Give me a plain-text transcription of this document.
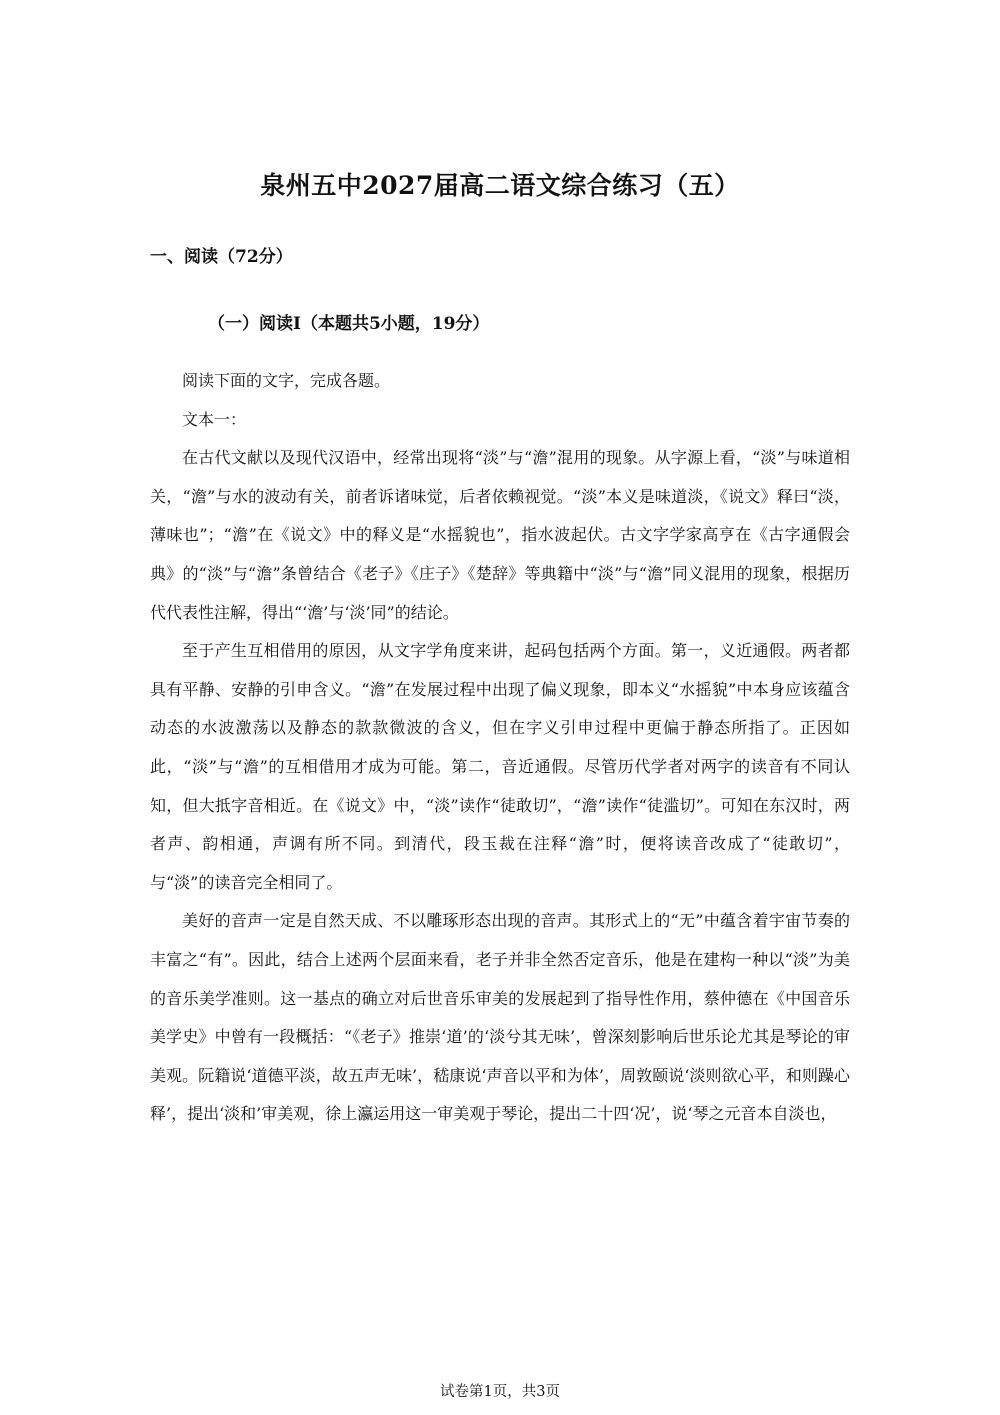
泉州五中2027届高二语文综合练习（五）
一、阅读（72分）
（一）阅读I（本题共5小题，19分）

阅读下面的文字，完成各题。

文本一：

在古代文献以及现代汉语中，经常出现将“淡”与“澹”混用的现象。从字源上看，“淡”与味道相关，“澹”与水的波动有关，前者诉诸味觉，后者依赖视觉。“淡”本义是味道淡，《说文》释曰“淡，薄味也”；“澹”在《说文》中的释义是“水摇貌也”，指水波起伏。古文字学家高亨在《古字通假会典》的“淡”与“澹”条曾结合《老子》《庄子》《楚辞》等典籍中“淡”与“澹”同义混用的现象，根据历代代表性注解，得出“‘澹’与‘淡’同”的结论。

至于产生互相借用的原因，从文字学角度来讲，起码包括两个方面。第一，义近通假。两者都具有平静、安静的引申含义。“澹”在发展过程中出现了偏义现象，即本义“水摇貌”中本身应该蕴含动态的水波激荡以及静态的款款微波的含义，但在字义引申过程中更偏于静态所指了。正因如此，“淡”与“澹”的互相借用才成为可能。第二，音近通假。尽管历代学者对两字的读音有不同认知，但大抵字音相近。在《说文》中，“淡”读作“徒敢切”，“澹”读作“徒滥切”。可知在东汉时，两者声、韵相通，声调有所不同。到清代，段玉裁在注释“澹”时，便将读音改成了“徒敢切”，与“淡”的读音完全相同了。

美好的音声一定是自然天成、不以雕琢形态出现的音声。其形式上的“无”中蕴含着宇宙节奏的丰富之“有”。因此，结合上述两个层面来看，老子并非全然否定音乐，他是在建构一种以“淡”为美的音乐美学准则。这一基点的确立对后世音乐审美的发展起到了指导性作用，蔡仲德在《中国音乐美学史》中曾有一段概括：“《老子》推崇‘道’的‘淡兮其无味’，曾深刻影响后世乐论尤其是琴论的审美观。阮籍说‘道德平淡，故五声无味’，嵇康说‘声音以平和为体’，周敦颐说‘淡则欲心平，和则躁心释’，提出‘淡和’审美观，徐上瀛运用这一审美观于琴论，提出二十四‘况’，说‘琴之元音本自淡也，

试卷第1页，共3页
